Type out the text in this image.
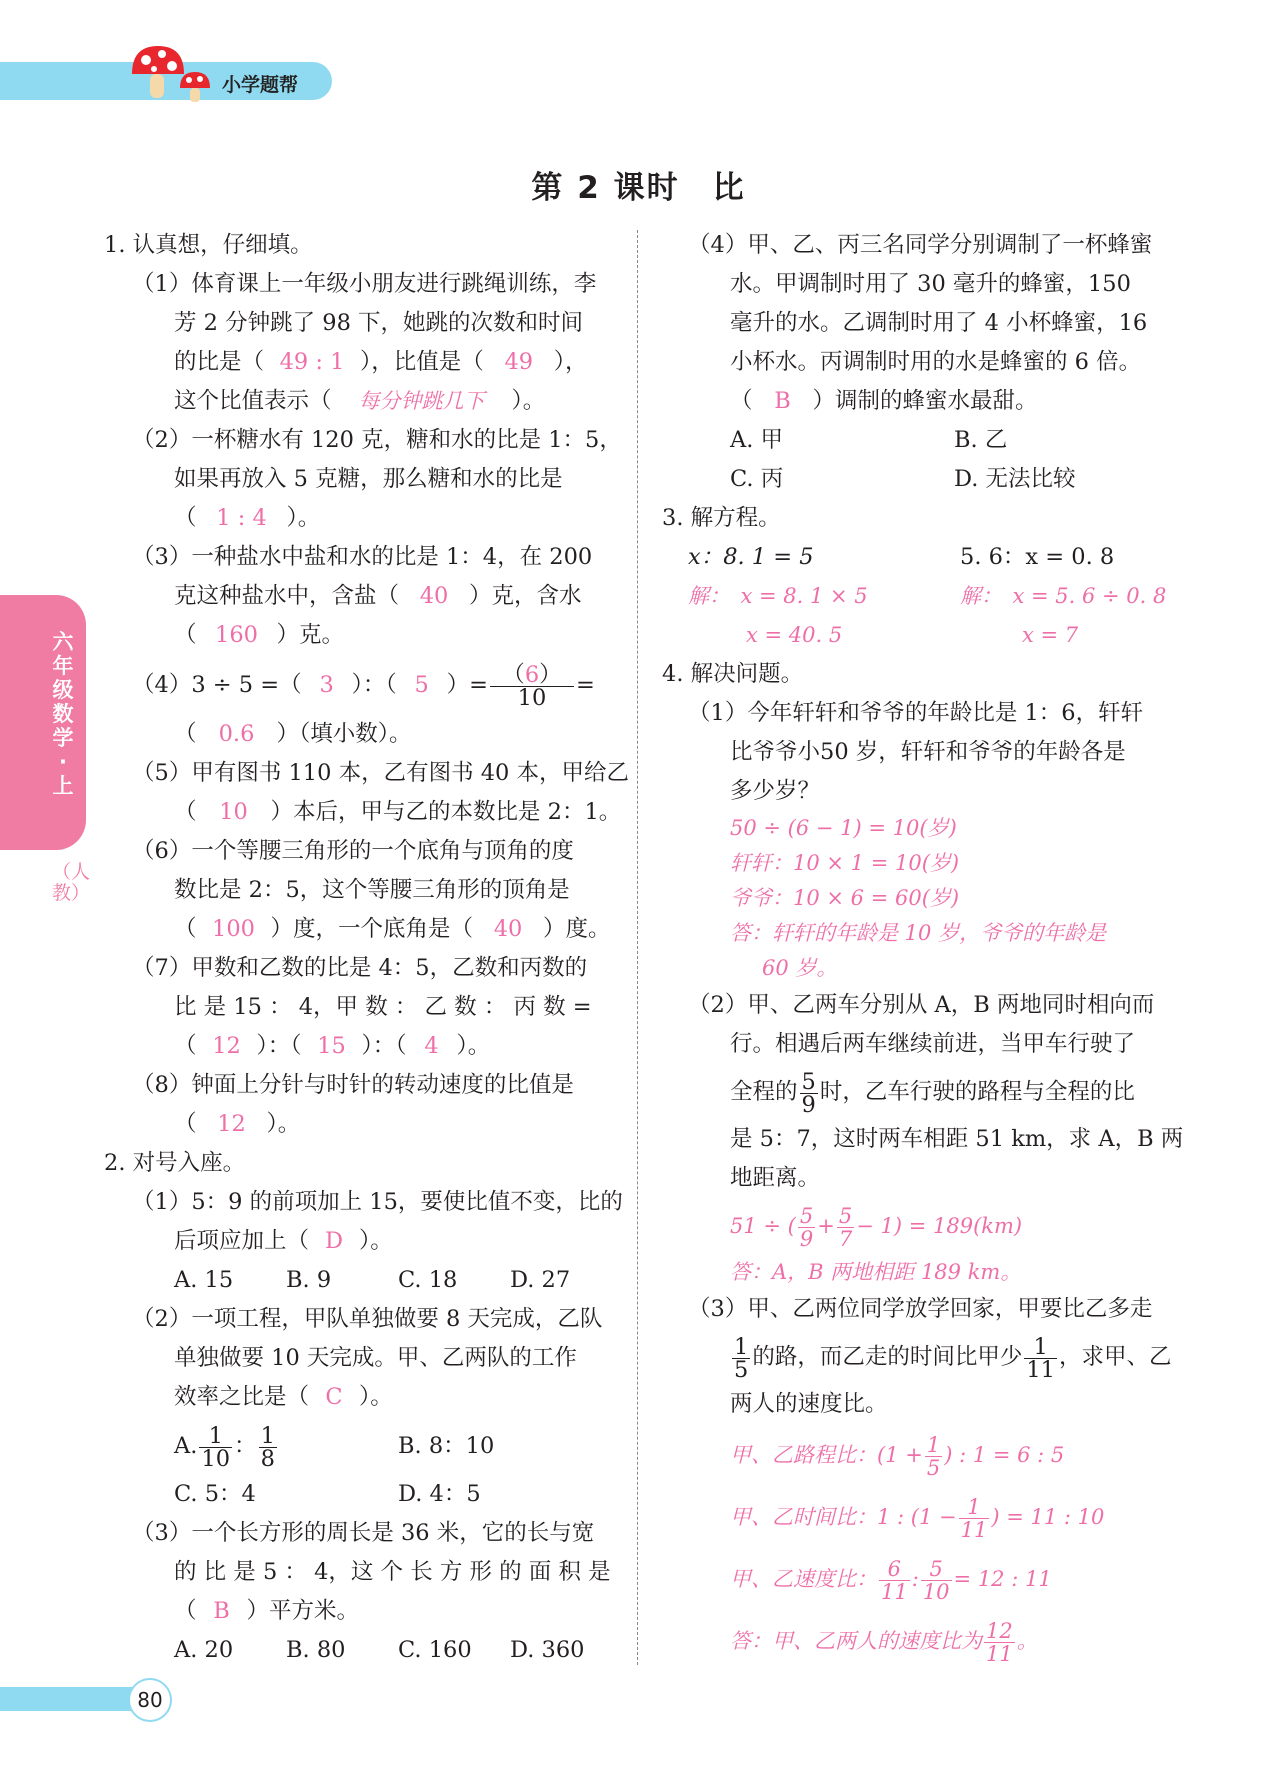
小学题帮
六年级数学·上
（人教）
第 2 课时　比
1. 认真想，仔细填。
（1）体育课上一年级小朋友进行跳绳训练，李
芳 2 分钟跳了 98 下，她跳的次数和时间
的比是（ 49 : 1 ），比值是（ 49 ），
这个比值表示（ 每分钟跳几下 ）。
（2）一杯糖水有 120 克，糖和水的比是 1：5，
如果再放入 5 克糖，那么糖和水的比是
（ 1 : 4 ）。
（3）一种盐水中盐和水的比是 1：4，在 200
克这种盐水中，含盐（ 40 ）克，含水
（ 160 ）克。
（4）3 ÷ 5 =（ 3 ）：（ 5 ）= $\frac{(6)}{10}$ =
（ 0.6 ）（填小数）。
（5）甲有图书 110 本，乙有图书 40 本，甲给乙
（ 10 ）本后，甲与乙的本数比是 2：1。
（6）一个等腰三角形的一个底角与顶角的度
数比是 2：5，这个等腰三角形的顶角是
（ 100 ）度，一个底角是（ 40 ）度。
（7）甲数和乙数的比是 4：5，乙数和丙数的
比 是 15 ： 4，甲 数 ： 乙 数 ： 丙 数 =
（ 12 ）：（ 15 ）：（ 4 ）。
（8）钟面上分针与时针的转动速度的比值是
（ 12 ）。
2. 对号入座。
（1）5：9 的前项加上 15，要使比值不变，比的
后项应加上（ D ）。
A. 15 B. 9	C. 18 D. 27
（2）一项工程，甲队单独做要 8 天完成，乙队
单独做要 10 天完成。甲、乙两队的工作
效率之比是（ C ）。
A. $\frac{1}{10}$ ： $\frac{1}{8}$	B. 8：10
C. 5：4	D. 4：5
（3）一个长方形的周长是 36 米，它的长与宽
的 比 是 5 ： 4，这 个 长 方 形 的 面 积 是
（ B ）平方米。
A. 20 B. 80 C. 160 D. 360
（4）甲、乙、丙三名同学分别调制了一杯蜂蜜
水。甲调制时用了 30 毫升的蜂蜜，150
毫升的水。乙调制时用了 4 小杯蜂蜜，16
小杯水。丙调制时用的水是蜂蜜的 6 倍。
（ B ）调制的蜂蜜水最甜。
A. 甲	B. 乙
C. 丙	D. 无法比较
3. 解方程。
x：8. 1 = 5	5. 6：x = 0. 8
解：　x = 8. 1 × 5	解：　x = 5. 6 ÷ 0. 8
x = 40. 5	x = 7
4. 解决问题。
（1）今年轩轩和爷爷的年龄比是 1：6，轩轩
比爷爷小50 岁，轩轩和爷爷的年龄各是
多少岁？
50 ÷ (6 − 1) = 10(岁)
轩轩：10 × 1 = 10(岁)
爷爷：10 × 6 = 60(岁)
答：轩轩的年龄是 10 岁，爷爷的年龄是
60 岁。
（2）甲、乙两车分别从 A，B 两地同时相向而
行。相遇后两车继续前进，当甲车行驶了
全程的 $\frac{5}{9}$ 时，乙车行驶的路程与全程的比
是 5：7，这时两车相距 51 km，求 A，B 两
地距离。
51 ÷ ( $\frac{5}{9} + \frac{5}{7} - 1) = 189(km)$
答：A，B 两地相距 189 km。
（3）甲、乙两位同学放学回家，甲要比乙多走
$\frac{1}{5}$ 的路，而乙走的时间比甲少 $\frac{1}{11}$ ，求甲、乙
两人的速度比。
甲、乙路程比：($1 + \frac{1}{5}$ ) : 1 = 6 : 5
甲、乙时间比：1 : ($1 - \frac{1}{11}$ ) = 11 : 10
甲、乙速度比： $\frac{6}{11}$ : $\frac{5}{10} = 12$ : 11
答：甲、乙两人的速度比为 $\frac{12}{11}$ 。
80
